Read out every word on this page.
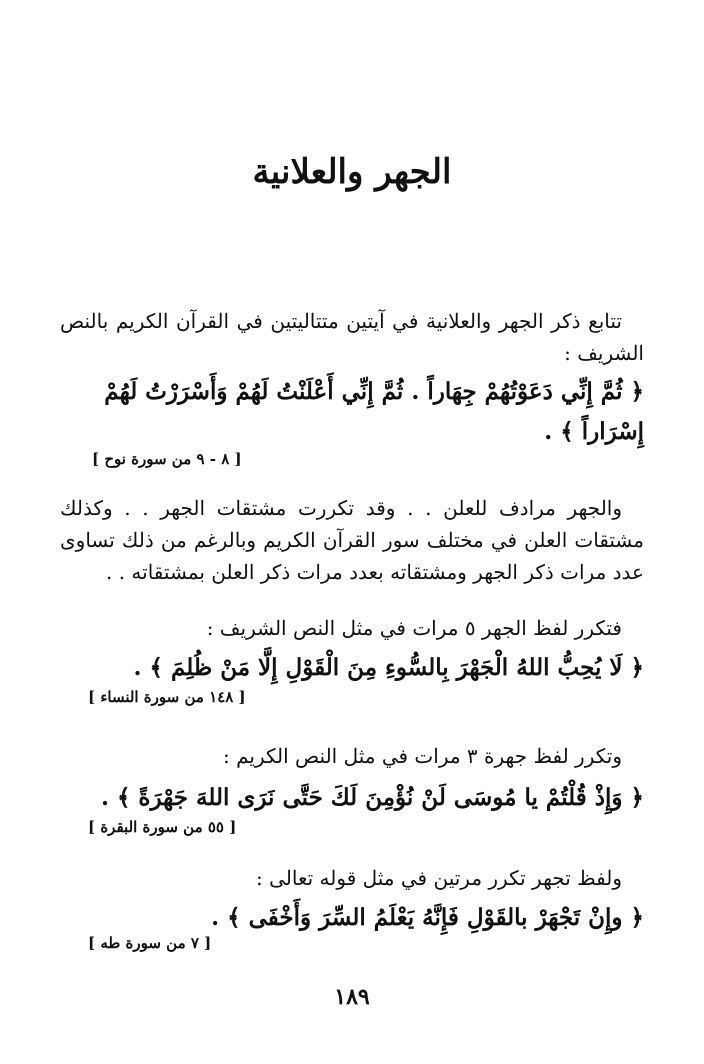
الجهر والعلانية
تتابع ذكر الجهر والعلانية في آيتين متتاليتين في القرآن الكريم بالنص الشريف :
﴿ ثُمَّ إِنِّي دَعَوْتُهُمْ جِهَاراً . ثُمَّ إِنِّي أَعْلَنْتُ لَهُمْ وَأَسْرَرْتُ لَهُمْ إِسْرَاراً ﴾ .
[ ٨ - ٩ من سورة نوح ]
والجهر مرادف للعلن . . وقد تكررت مشتقات الجهر . . وكذلك مشتقات العلن في مختلف سور القرآن الكريم وبالرغم من ذلك تساوى عدد مرات ذكر الجهر ومشتقاته بعدد مرات ذكر العلن بمشتقاته . .
فتكرر لفظ الجهر ٥ مرات في مثل النص الشريف :
﴿ لَا يُحِبُّ اللهُ الْجَهْرَ بِالسُّوءِ مِنَ الْقَوْلِ إِلَّا مَنْ ظُلِمَ ﴾ .
[ ١٤٨ من سورة النساء ]
وتكرر لفظ جهرة ٣ مرات في مثل النص الكريم :
﴿ وَإِذْ قُلْتُمْ يا مُوسَى لَنْ نُؤْمِنَ لَكَ حَتَّى نَرَى اللهَ جَهْرَةً ﴾ .
[ ٥٥ من سورة البقرة ]
ولفظ تجهر تكرر مرتين في مثل قوله تعالى :
﴿ وإِنْ تَجْهَرْ بالقَوْلِ فَإِنَّهُ يَعْلَمُ السِّرَ وَأَخْفَى ﴾ .
[ ٧ من سورة طه ]
١٨٩
